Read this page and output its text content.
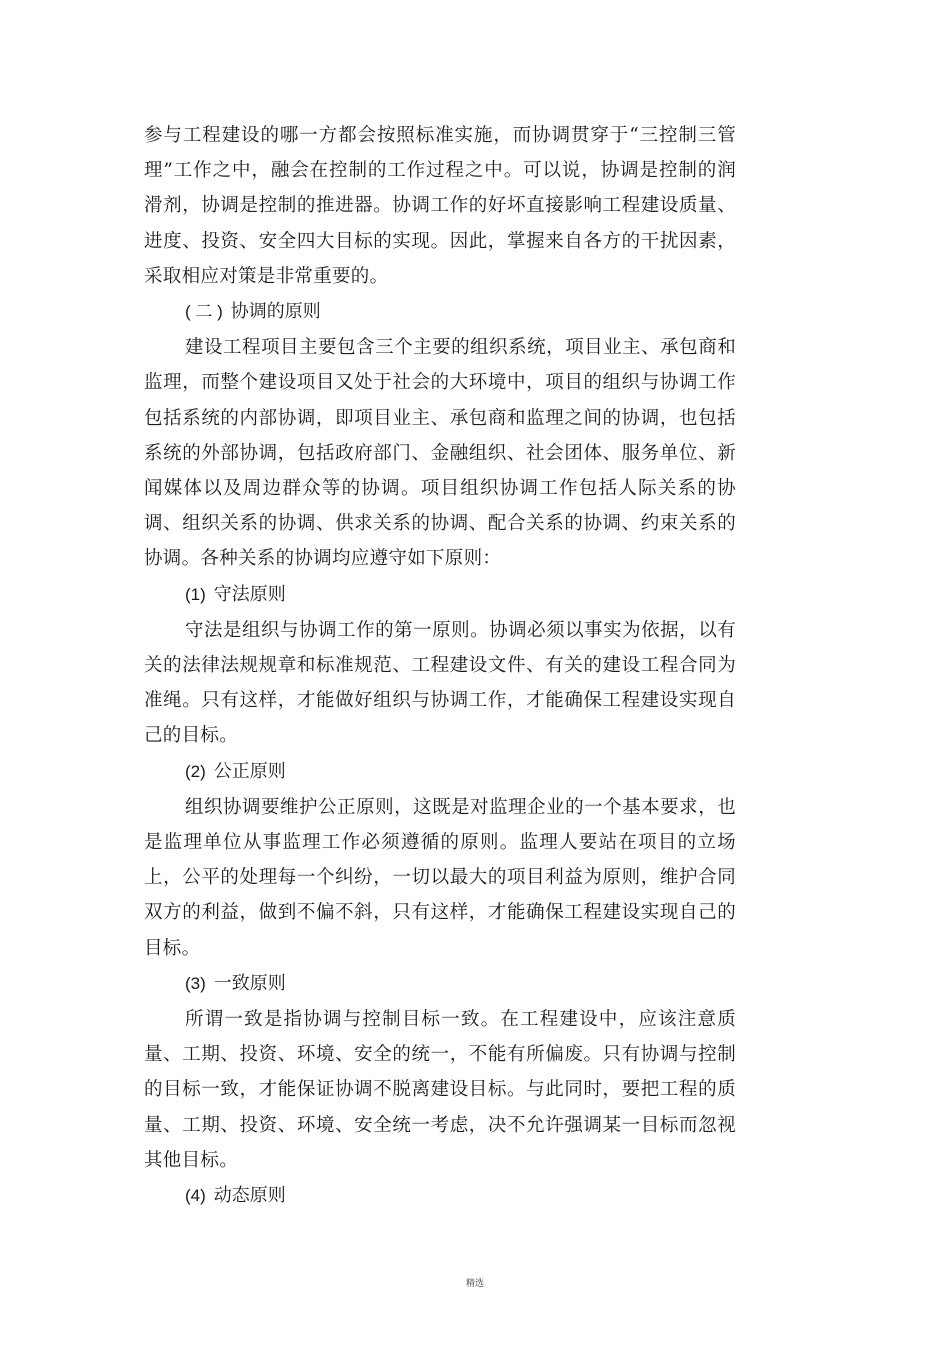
参与工程建设的哪一方都会按照标准实施，而协调贯穿于“三控制三管理”工作之中，融会在控制的工作过程之中。可以说，协调是控制的润滑剂，协调是控制的推进器。协调工作的好坏直接影响工程建设质量、进度、投资、安全四大目标的实现。因此，掌握来自各方的干扰因素，采取相应对策是非常重要的。

( 二 ) 协调的原则

建设工程项目主要包含三个主要的组织系统，项目业主、承包商和监理，而整个建设项目又处于社会的大环境中，项目的组织与协调工作包括系统的内部协调，即项目业主、承包商和监理之间的协调，也包括系统的外部协调，包括政府部门、金融组织、社会团体、服务单位、新闻媒体以及周边群众等的协调。项目组织协调工作包括人际关系的协调、组织关系的协调、供求关系的协调、配合关系的协调、约束关系的协调。各种关系的协调均应遵守如下原则：

(1) 守法原则

守法是组织与协调工作的第一原则。协调必须以事实为依据，以有关的法律法规规章和标准规范、工程建设文件、有关的建设工程合同为准绳。只有这样，才能做好组织与协调工作，才能确保工程建设实现自己的目标。

(2) 公正原则

组织协调要维护公正原则，这既是对监理企业的一个基本要求，也是监理单位从事监理工作必须遵循的原则。监理人要站在项目的立场上，公平的处理每一个纠纷，一切以最大的项目利益为原则，维护合同双方的利益，做到不偏不斜，只有这样，才能确保工程建设实现自己的目标。

(3) 一致原则

所谓一致是指协调与控制目标一致。在工程建设中，应该注意质量、工期、投资、环境、安全的统一，不能有所偏废。只有协调与控制的目标一致，才能保证协调不脱离建设目标。与此同时，要把工程的质量、工期、投资、环境、安全统一考虑，决不允许强调某一目标而忽视其他目标。

(4) 动态原则
精选
